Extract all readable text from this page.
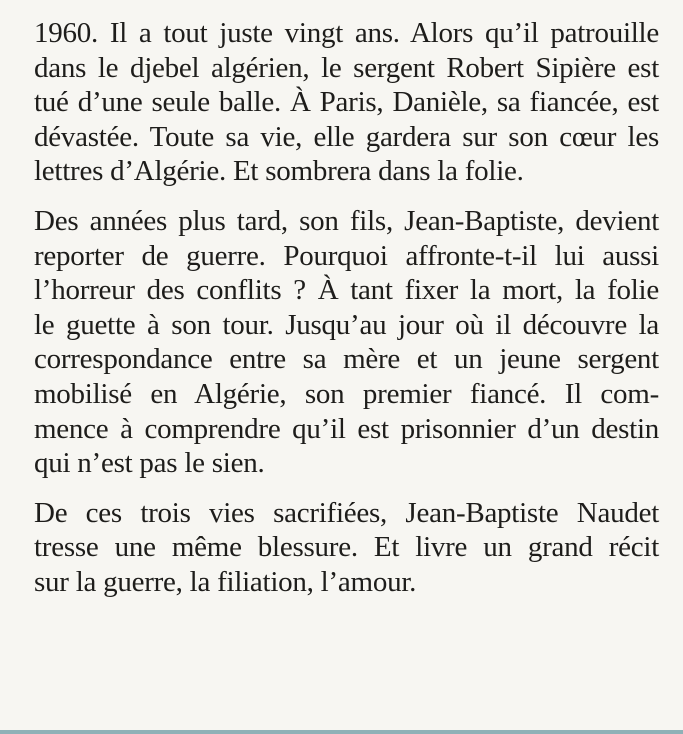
1960. Il a tout juste vingt ans. Alors qu’il patrouille
dans le djebel algérien, le sergent Robert Sipière est
tué d’une seule balle. À Paris, Danièle, sa fiancée, est
dévastée. Toute sa vie, elle gardera sur son cœur les
lettres d’Algérie. Et sombrera dans la folie.

Des années plus tard, son fils, Jean-Baptiste, devient
reporter de guerre. Pourquoi affronte-t-il lui aussi
l’horreur des conflits ? À tant fixer la mort, la folie
le guette à son tour. Jusqu’au jour où il découvre la
correspondance entre sa mère et un jeune sergent
mobilisé en Algérie, son premier fiancé. Il com-
mence à comprendre qu’il est prisonnier d’un destin
qui n’est pas le sien.

De ces trois vies sacrifiées, Jean-Baptiste Naudet
tresse une même blessure. Et livre un grand récit
sur la guerre, la filiation, l’amour.
